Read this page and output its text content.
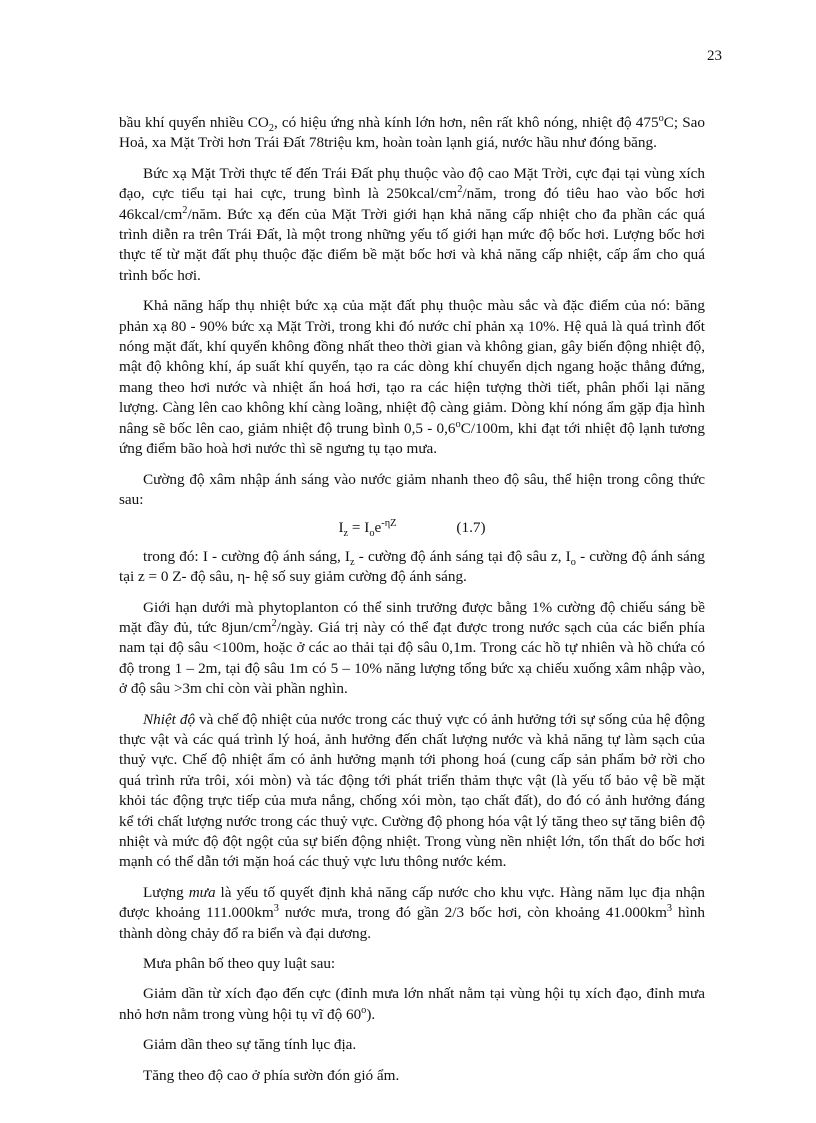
23

bầu khí quyển nhiều $CO_2$, có hiệu ứng nhà kính lớn hơn, nên rất khô nóng, nhiệt độ 475$^o$C; Sao Hoả, xa Mặt Trời hơn Trái Đất 78triệu km, hoàn toàn lạnh giá, nước hầu như đóng băng.

Bức xạ Mặt Trời thực tế đến Trái Đất phụ thuộc vào độ cao Mặt Trời, cực đại tại vùng xích đạo, cực tiểu tại hai cực, trung bình là $250kcal/cm^2$/năm, trong đó tiêu hao vào bốc hơi $46kcal/cm^2$/năm. Bức xạ đến của Mặt Trời giới hạn khả năng cấp nhiệt cho đa phần các quá trình diễn ra trên Trái Đất, là một trong những yếu tố giới hạn mức độ bốc hơi. Lượng bốc hơi thực tế từ mặt đất phụ thuộc đặc điểm bề mặt bốc hơi và khả năng cấp nhiệt, cấp ẩm cho quá trình bốc hơi.

Khả năng hấp thụ nhiệt bức xạ của mặt đất phụ thuộc màu sắc và đặc điểm của nó: băng phản xạ 80 - 90% bức xạ Mặt Trời, trong khi đó nước chỉ phản xạ 10%. Hệ quả là quá trình đốt nóng mặt đất, khí quyển không đồng nhất theo thời gian và không gian, gây biến động nhiệt độ, mật độ không khí, áp suất khí quyển, tạo ra các dòng khí chuyển dịch ngang hoặc thẳng đứng, mang theo hơi nước và nhiệt ẩn hoá hơi, tạo ra các hiện tượng thời tiết, phân phối lại năng lượng. Càng lên cao không khí càng loãng, nhiệt độ càng giảm. Dòng khí nóng ẩm gặp địa hình nâng sẽ bốc lên cao, giảm nhiệt độ trung bình 0,5 - 0,6$^o$C/100m, khi đạt tới nhiệt độ lạnh tương ứng điểm bão hoà hơi nước thì sẽ ngưng tụ tạo mưa.

Cường độ xâm nhập ánh sáng vào nước giảm nhanh theo độ sâu, thể hiện trong công thức sau:

$I_z = I_oe^{-\eta Z}$	(1.7)

trong đó: I - cường độ ánh sáng, $I_z$ - cường độ ánh sáng tại độ sâu z, $I_o$ - cường độ ánh sáng tại z = 0 Z- độ sâu, η- hệ số suy giảm cường độ ánh sáng.

Giới hạn dưới mà phytoplanton có thể sinh trưởng được bằng 1% cường độ chiếu sáng bề mặt đầy đủ, tức $8jun/cm^2$/ngày. Giá trị này có thể đạt được trong nước sạch của các biển phía nam tại độ sâu <100m, hoặc ở các ao thải tại độ sâu 0,1m. Trong các hồ tự nhiên và hồ chứa có độ trong 1 – 2m, tại độ sâu 1m có 5 – 10% năng lượng tổng bức xạ chiếu xuống xâm nhập vào, ở độ sâu >3m chỉ còn vài phần nghìn.

Nhiệt độ và chế độ nhiệt của nước trong các thuỷ vực có ảnh hưởng tới sự sống của hệ động thực vật và các quá trình lý hoá, ảnh hưởng đến chất lượng nước và khả năng tự làm sạch của thuỷ vực. Chế độ nhiệt ẩm có ảnh hưởng mạnh tới phong hoá (cung cấp sản phẩm bở rời cho quá trình rửa trôi, xói mòn) và tác động tới phát triển thảm thực vật (là yếu tố bảo vệ bề mặt khỏi tác động trực tiếp của mưa nắng, chống xói mòn, tạo chất đất), do đó có ảnh hưởng đáng kể tới chất lượng nước trong các thuỷ vực. Cường độ phong hóa vật lý tăng theo sự tăng biên độ nhiệt và mức độ đột ngột của sự biến động nhiệt. Trong vùng nền nhiệt lớn, tổn thất do bốc hơi mạnh có thể dẫn tới mặn hoá các thuỷ vực lưu thông nước kém.

Lượng mưa là yếu tố quyết định khả năng cấp nước cho khu vực. Hàng năm lục địa nhận được khoảng $111.000km^3$ nước mưa, trong đó gần 2/3 bốc hơi, còn khoảng $41.000km^3$ hình thành dòng chảy đổ ra biển và đại dương.

Mưa phân bố theo quy luật sau:

Giảm dần từ xích đạo đến cực (đỉnh mưa lớn nhất nằm tại vùng hội tụ xích đạo, đỉnh mưa nhỏ hơn nằm trong vùng hội tụ vĩ độ 60$^o$).

Giảm dần theo sự tăng tính lục địa.

Tăng theo độ cao ở phía sườn đón gió ẩm.
